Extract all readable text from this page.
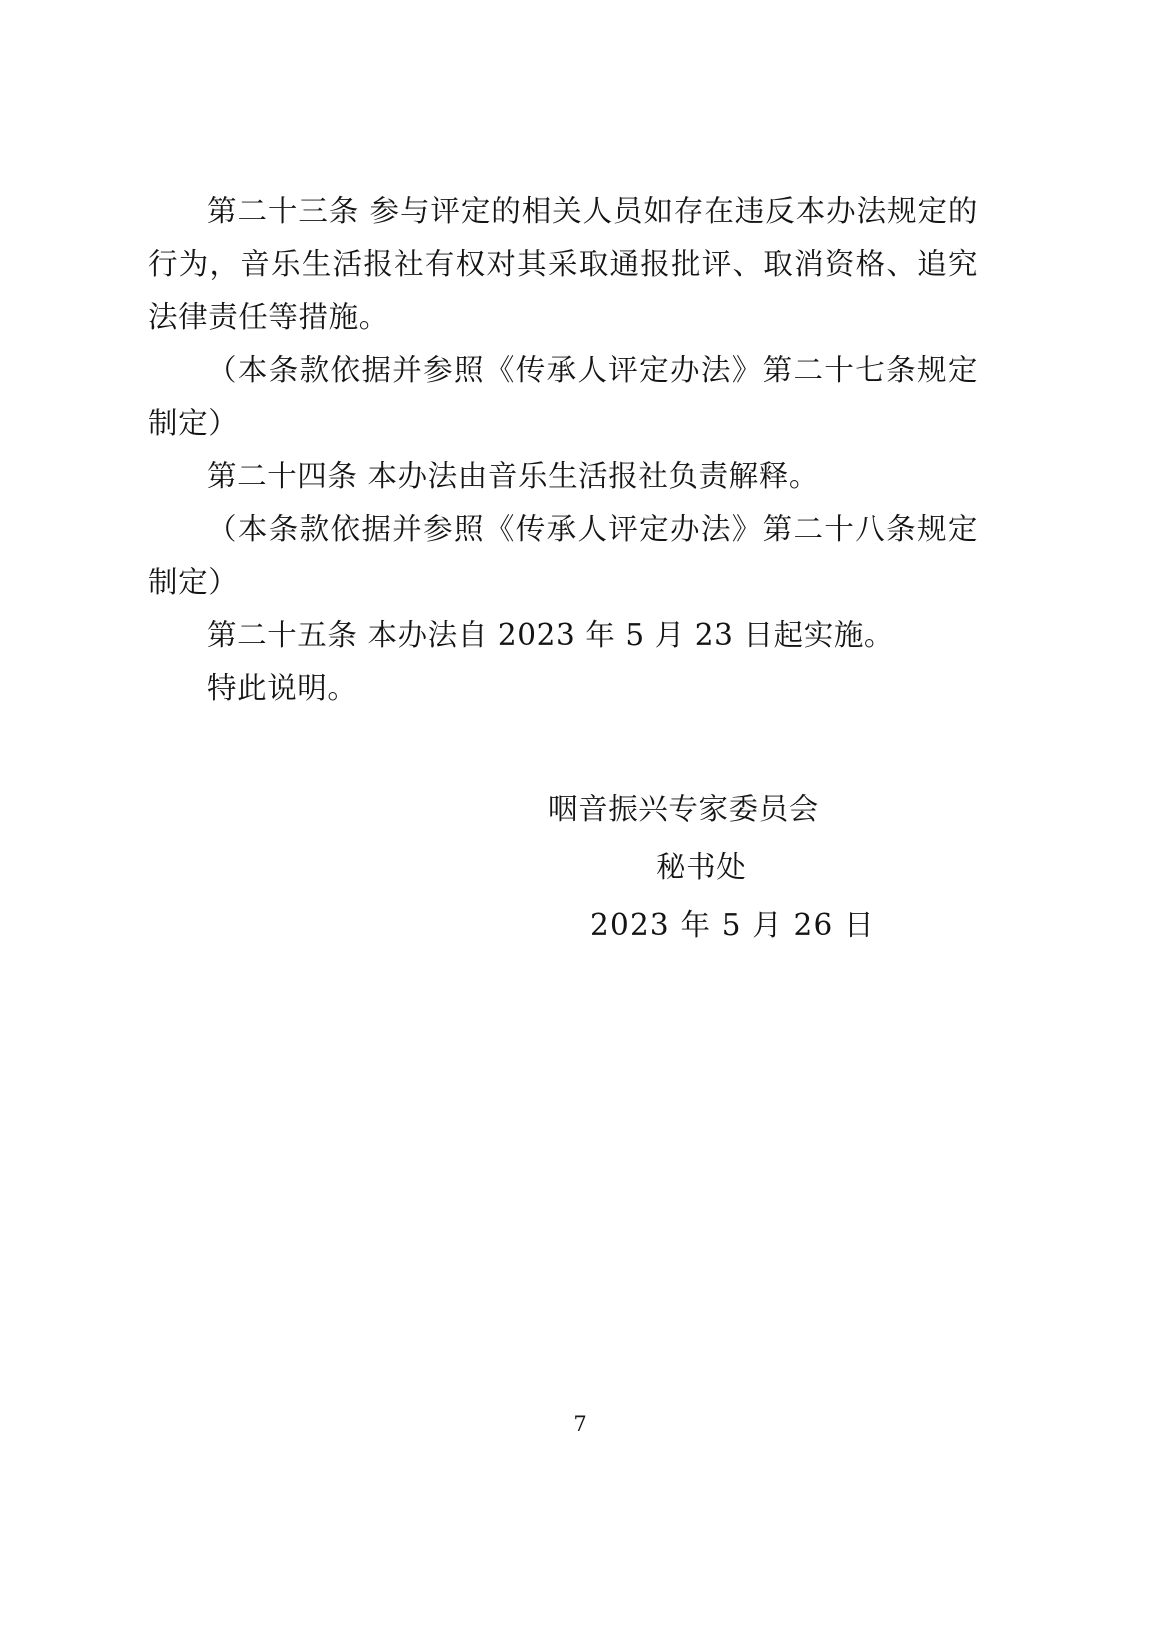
第二十三条 参与评定的相关人员如存在违反本办法规定的行为，音乐生活报社有权对其采取通报批评、取消资格、追究法律责任等措施。

（本条款依据并参照《传承人评定办法》第二十七条规定制定）

第二十四条 本办法由音乐生活报社负责解释。

（本条款依据并参照《传承人评定办法》第二十八条规定制定）

第二十五条 本办法自 2023 年 5 月 23 日起实施。

特此说明。

咽音振兴专家委员会
秘书处
2023 年 5 月 26 日
7
